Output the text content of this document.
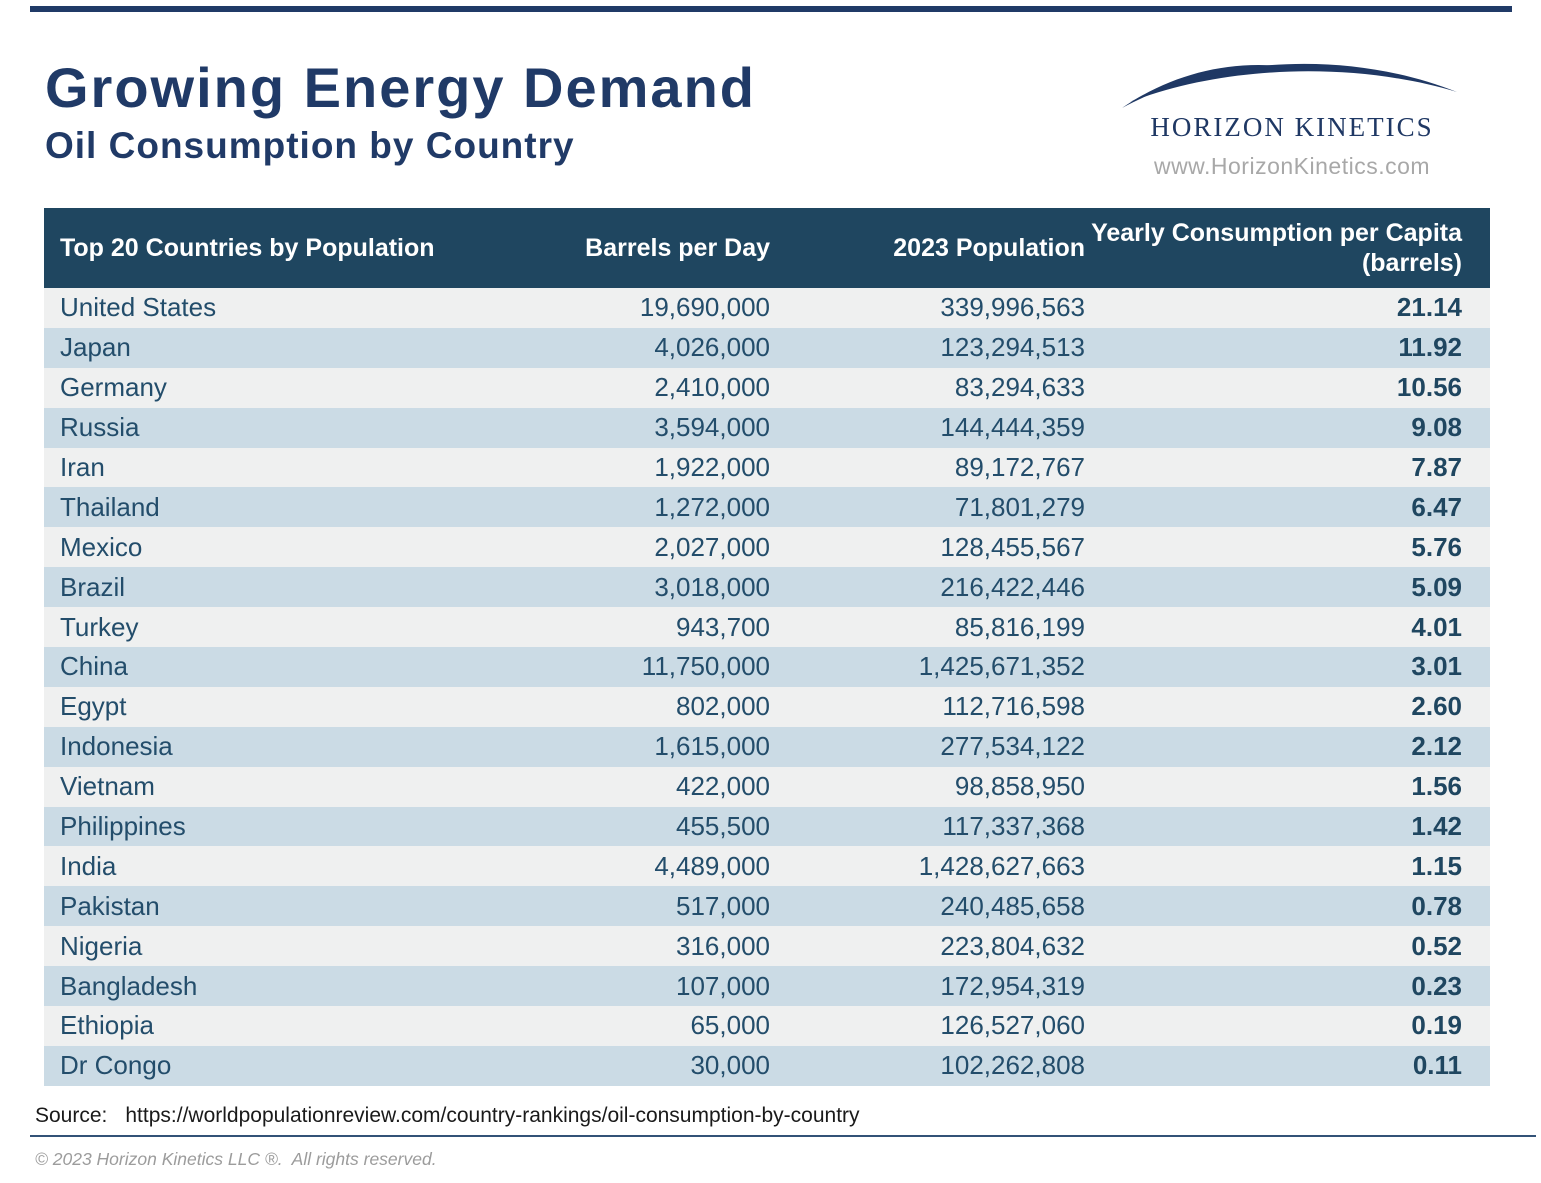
Growing Energy Demand
Oil Consumption by Country	HORIZON KINETICS
www.HorizonKinetics.com
Top 20 Countries by Population	Barrels per Day	2023 Population
Yearly Consumption per Capita (barrels)
United States	19,690,000	339,996,563	21.14
Japan	4,026,000	123,294,513	11.92
Germany	2,410,000	83,294,633	10.56
Russia	3,594,000	144,444,359	9.08
Iran	1,922,000	89,172,767	7.87
Thailand	1,272,000	71,801,279	6.47
Mexico	2,027,000	128,455,567	5.76
Brazil	3,018,000	216,422,446	5.09
Turkey	943,700	85,816,199	4.01
China	11,750,000	1,425,671,352	3.01
Egypt	802,000	112,716,598	2.60
Indonesia	1,615,000	277,534,122	2.12
Vietnam	422,000	98,858,950	1.56
Philippines	455,500	117,337,368	1.42
India	4,489,000	1,428,627,663	1.15
Pakistan	517,000	240,485,658	0.78
Nigeria	316,000	223,804,632	0.52
Bangladesh	107,000	172,954,319	0.23
Ethiopia	65,000	126,527,060	0.19
Dr Congo	30,000	102,262,808	0.11
Source: https://worldpopulationreview.com/country-rankings/oil-consumption-by-country
© 2023 Horizon Kinetics LLC ®.  All rights reserved.
